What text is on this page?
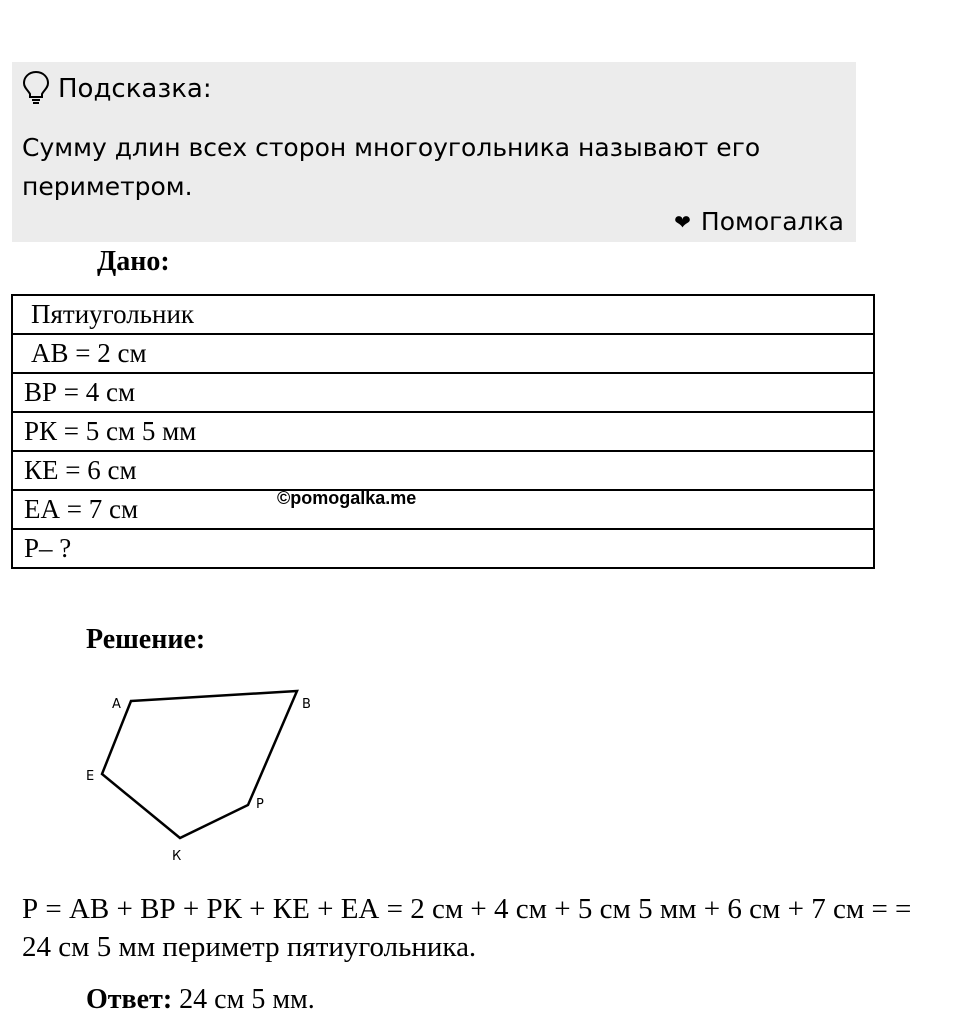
Подсказка:
Сумму длин всех сторон многоугольника называют его периметром.
❤ Помогалка
Дано:
Пятиугольник
АВ = 2 см
ВР = 4 см
РК = 5 см 5 мм
КЕ = 6 см
ЕА = 7 см
Р– ?
©pomogalka.me
Решение:
А	В
Р
К
Е
Р = АВ + ВР + РК + КЕ + ЕА = 2 см + 4 см + 5 см 5 мм + 6 см + 7 см = = 24 см 5 мм периметр пятиугольника.
Ответ: 24 см 5 мм.
